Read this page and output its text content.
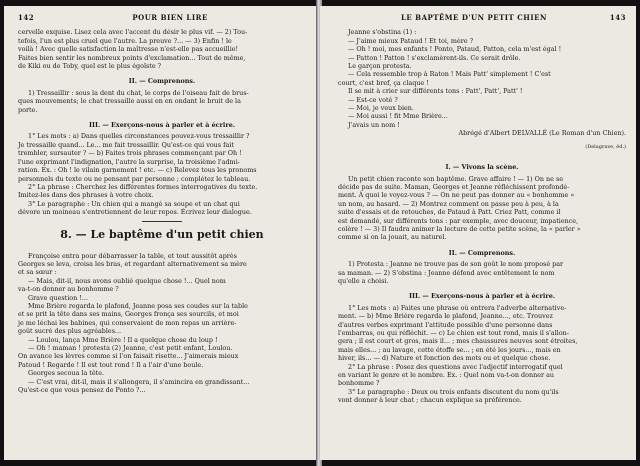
142	POUR BIEN LIRE

cervelle exquise. Lisez cela avec l'accent du désir le plus vif. — 2) Tou-

tefois, l'un est plus cruel que l'autre. La preuve ?... — 3) Enfin ! le

voilà ! Avec quelle satisfaction la maîtresse n'est-elle pas accueillie!

Faites bien sentir les nombreux points d'exclamation... Tout de même,

de Kiki ou de Toby, quel est le plus égoïste ?

II. — Comprenons.

1) Tressaillir : sous la dent du chat, le corps de l'oiseau fait de brus-

ques mouvements; le chat tressaille aussi en en ondant le bruit de la

porte.

III. — Exerçons-nous à parler et à écrire.

1° Les mots : a) Dans quelles circonstances pouvez-vous tressaillir ?

Je tressaille quand... Le... me fait tressaillir. Qu'est-ce qui vous fait

trembler, sursauter ? — b) Faites trois phrases commençant par Oh !

l'une exprimant l'indignation, l'autre la surprise, la troisième l'admi-

ration. Ex. : Oh ! le vilain garnement ! etc. — c) Relevez tous les pronoms

personnels du texte ou ne pensant par personne ; complétez le tableau.

2° La phrase : Cherchez les différentes formes interrogatives du texte.

Imitez-les dans des phrases à votre choix.

3° Le paragraphe : Un chien qui a mangé sa soupe et un chat qui

dévore un moineau s'entretiennent de leur repos. Écrivez leur dialogue.

8. — Le baptême d'un petit chien

Françoise entra pour débarrasser la table, et tout aussitôt après

Georges se leva, croisa les bras, et regardant alternativement sa mère

et sa sœur :

— Mais, dit-il, nous avons oublié quelque chose !... Quel nom

va-t-on donner au bonhomme ?

Grave question !...

Mme Brière regarda le plafond, Jeanne posa ses coudes sur la table

et se prit la tête dans ses mains, Georges fronça ses sourcils, et moi

je me léchai les babines, qui conservaient de mon repas un arrière-

goût sucré des plus agréables...

— Loulou, lança Mme Brière ! Il a quelque chose du loup !

— Oh ! maman ! protesta (2) Jeanne, c'est petit enfant, Loulou.

On avance les lèvres comme si l'on faisait risette... J'aimerais mieux

Patoud ! Regarde ! Il est tout rond ! Il a l'air d'une boule.

Georges secoua la tête.

— C'est vrai, dit-il, mais il s'allongera, il s'amincira en grandissant...

Qu'est-ce que vous pensez de Ponto ?...

LE BAPTÊME D'UN PETIT CHIEN	143

Jeanne s'obstina (1) :

— J'aime mieux Pataud ! Et toi, mère ?

— Oh ! moi, mes enfants ! Ponto, Pataud, Patton, cela m'est égal !

— Patton ! Patton ! s'exclamèrent-ils. Ce serait drôle.

Le garçon protesta.

— Cela ressemble trop à Raton ! Mais Patt' simplement ! C'est

court, c'est bref, ça claque !

Il se mit à crier sur différents tons : Patt', Patt', Patt' !

— Est-ce voté ?

— Moi, je veux bien.

— Moi aussi ! fit Mme Brière...

J'avais un nom !

Abrégé d'Albert DELVALLÉ (Le Roman d'un Chien).

(Delagrave, éd.)

I. — Vivons la scène.

Un petit chien raconte son baptême. Grave affaire ! — 1) On ne se

décide pas de suite. Maman, Georges et Jeanne réfléchissent profondé-

ment. À quoi le voyez-vous ? — On ne peut pas donner au « bonhomme »

un nom, au hasard. — 2) Montrez comment on passe peu à peu, à la

suite d'essais et de retouches, de Pataud à Patt. Criez Patt, comme il

est demandé, sur différents tons : par exemple, avec douceur, impatience,

colère ! — 3) Il faudra animer la lecture de cette petite scène, la « parler »

comme si on la jouait, au naturel.

II. — Comprenons.

1) Protesta : Jeanne ne trouve pas de son goût le nom proposé par

sa maman. — 2) S'obstina : Jeanne défend avec entêtement le nom

qu'elle a choisi.

III. — Exerçons-nous à parler et à écrire.

1° Les mots : a) Faites une phrase où entrera l'adverbe alternative-

ment. — b) Mme Brière regarda le plafond, Jeanne..., etc. Trouvez

d'autres verbes exprimant l'attitude possible d'une personne dans

l'embarras, ou qui réfléchit. — c) Le chien est tout rond, mais il s'allon-

gera ; il est court et gros, mais il... ; mes chaussures neuves sont étroites,

mais elles... ; au lavage, cette étoffe se... ; en été les jours..., mais en

hiver, ils... — d) Nature et fonction des mots ou et quelque chose.

2° La phrase : Posez des questions avec l'adjectif interrogatif quel

en variant le genre et le nombre. Ex. : Quel nom va-t-on donner au

bonhomme ?

3° Le paragraphe : Deux ou trois enfants discutent du nom qu'ils

vont donner à leur chat ; chacun explique sa préférence.
